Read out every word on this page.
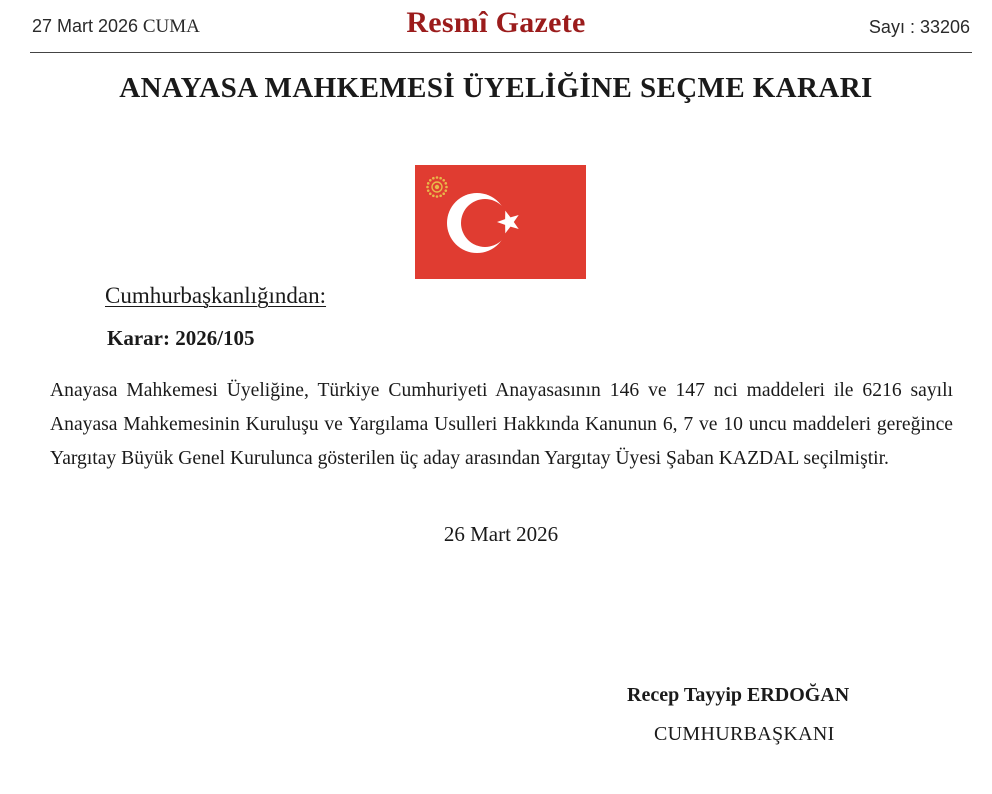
27 Mart 2026 CUMA	Resmî Gazete	Sayı : 33206
ANAYASA MAHKEMESİ ÜYELİĞİNE SEÇME KARARI
Cumhurbaşkanlığından:
Karar: 2026/105

Anayasa Mahkemesi Üyeliğine, Türkiye Cumhuriyeti Anayasasının 146 ve 147 nci maddeleri ile 6216 sayılı Anayasa Mahkemesinin Kuruluşu ve Yargılama Usulleri Hakkında Kanunun 6, 7 ve 10 uncu maddeleri gereğince Yargıtay Büyük Genel Kurulunca gösterilen üç aday arasından Yargıtay Üyesi Şaban KAZDAL seçilmiştir.

26 Mart 2026
Recep Tayyip ERDOĞAN
CUMHURBAŞKANI
